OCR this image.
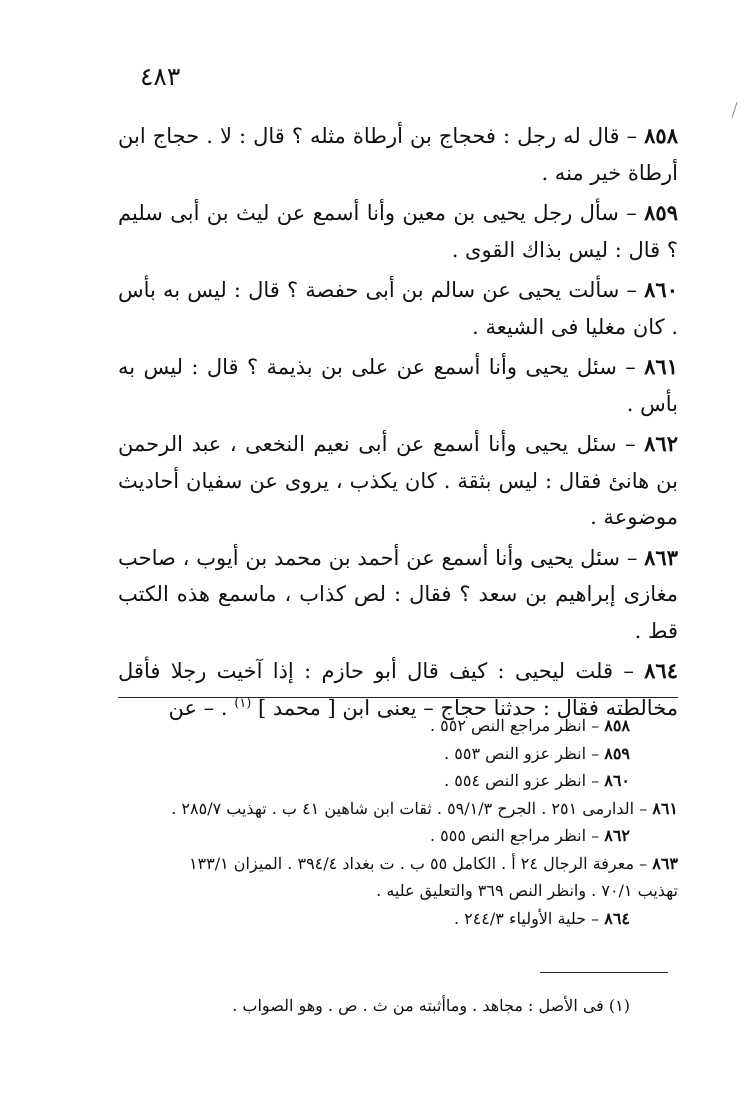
٤٨٣

٨٥٨ – قال له رجل : فحجاج بن أرطاة مثله ؟ قال : لا . حجاج ابن أرطاة خير منه .

٨٥٩ – سأل رجل يحيى بن معين وأنا أسمع عن ليث بن أبى سليم ؟ قال : ليس بذاك القوى .

٨٦٠ – سألت يحيى عن سالم بن أبى حفصة ؟ قال : ليس به بأس . كان مغليا فى الشيعة .

٨٦١ – سئل يحيى وأنا أسمع عن على بن بذيمة ؟ قال : ليس به بأس .

٨٦٢ – سئل يحيى وأنا أسمع عن أبى نعيم النخعى ، عبد الرحمن بن هانئ فقال : ليس بثقة . كان يكذب ، يروى عن سفيان أحاديث موضوعة .

٨٦٣ – سئل يحيى وأنا أسمع عن أحمد بن محمد بن أيوب ، صاحب مغازى إبراهيم بن سعد ؟ فقال : لص كذاب ، ماسمع هذه الكتب قط .

٨٦٤ – قلت ليحيى : كيف قال أبو حازم : إذا آخيت رجلا فأقل مخالطته فقال : حدثنا حجاج – يعنى ابن [ محمد ] $^{(١)}$ . – عن

٨٥٨ – انظر مراجع النص ٥٥٢ .

٨٥٩ – انظر عزو النص ٥٥٣ .

٨٦٠ – انظر عزو النص ٥٥٤ .

٨٦١ – الدارمى ٢٥١ . الجرح ٥٩/١/٣ . ثقات ابن شاهين ٤١ ب . تهذيب ٢٨٥/٧ .

٨٦٢ – انظر مراجع النص ٥٥٥ .

٨٦٣ – معرفة الرجال ٢٤ أ . الكامل ٥٥ ب . ت بغداد ٣٩٤/٤ . الميزان ١٣٣/١

تهذيب ٧٠/١ . وانظر النص ٣٦٩ والتعليق عليه .

٨٦٤ – حلية الأولياء ٢٤٤/٣ .

(١) فى الأصل : مجاهد . وماأثبته من ث . ص . وهو الصواب .
